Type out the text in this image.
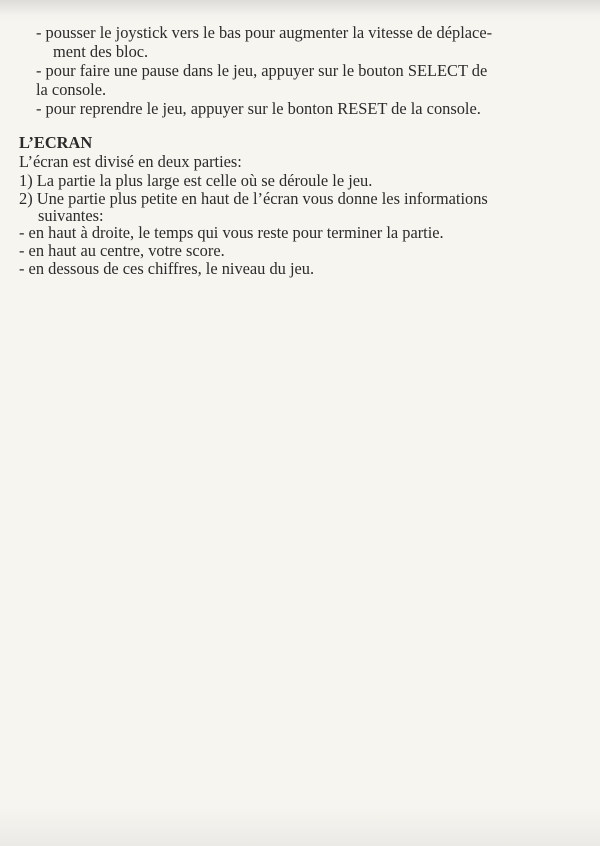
- pousser le joystick vers le bas pour augmenter la vitesse de déplace-
ment des bloc.
- pour faire une pause dans le jeu, appuyer sur le bouton SELECT de
la console.
- pour reprendre le jeu, appuyer sur le bonton RESET de la console.
L’ECRAN
L’écran est divisé en deux parties:
1) La partie la plus large est celle où se déroule le jeu.
2) Une partie plus petite en haut de l’écran vous donne les informations
suivantes:
- en haut à droite, le temps qui vous reste pour terminer la partie.
- en haut au centre, votre score.
- en dessous de ces chiffres, le niveau du jeu.
